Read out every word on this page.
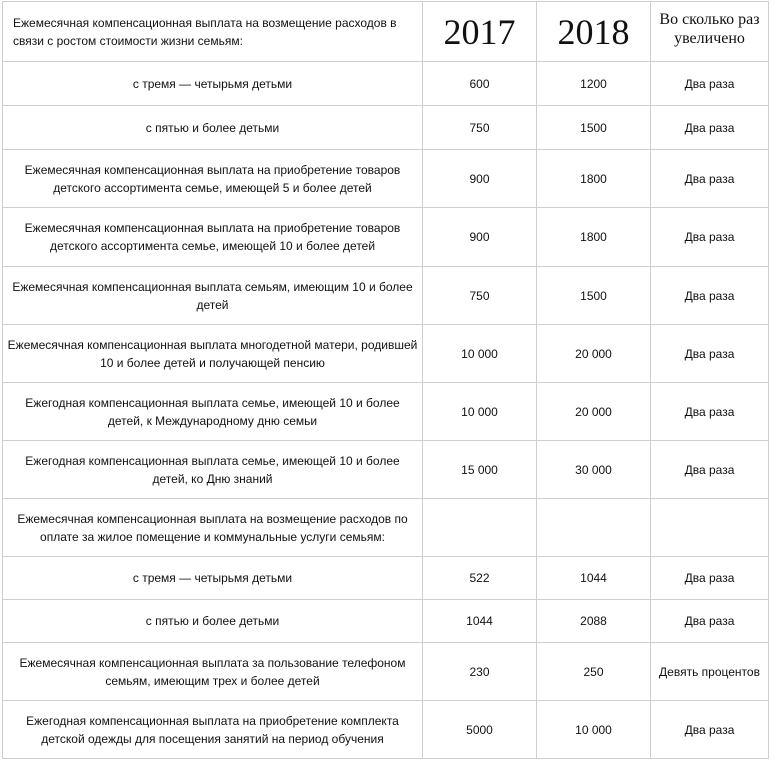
Ежемесячная компенсационная выплата на возмещение расходов в связи с ростом стоимости жизни семьям:	2017	2018	Во сколько раз увеличено
с тремя — четырьмя детьми	600	1200	Два раза
с пятью и более детьми	750	1500	Два раза
Ежемесячная компенсационная выплата на приобретение товаров детского ассортимента семье, имеющей 5 и более детей	900	1800	Два раза
Ежемесячная компенсационная выплата на приобретение товаров детского ассортимента семье, имеющей 10 и более детей	900	1800	Два раза
Ежемесячная компенсационная выплата семьям, имеющим 10 и более детей	750	1500	Два раза
Ежемесячная компенсационная выплата многодетной матери, родившей 10 и более детей и получающей пенсию	10 000	20 000	Два раза
Ежегодная компенсационная выплата семье, имеющей 10 и более детей, к Международному дню семьи	10 000	20 000	Два раза
Ежегодная компенсационная выплата семье, имеющей 10 и более детей, ко Дню знаний	15 000	30 000	Два раза
Ежемесячная компенсационная выплата на возмещение расходов по оплате за жилое помещение и коммунальные услуги семьям:			
с тремя — четырьмя детьми	522	1044	Два раза
с пятью и более детьми	1044	2088	Два раза
Ежемесячная компенсационная выплата за пользование телефоном семьям, имеющим трех и более детей	230	250	Девять процентов
Ежегодная компенсационная выплата на приобретение комплекта детской одежды для посещения занятий на период обучения	5000	10 000	Два раза
